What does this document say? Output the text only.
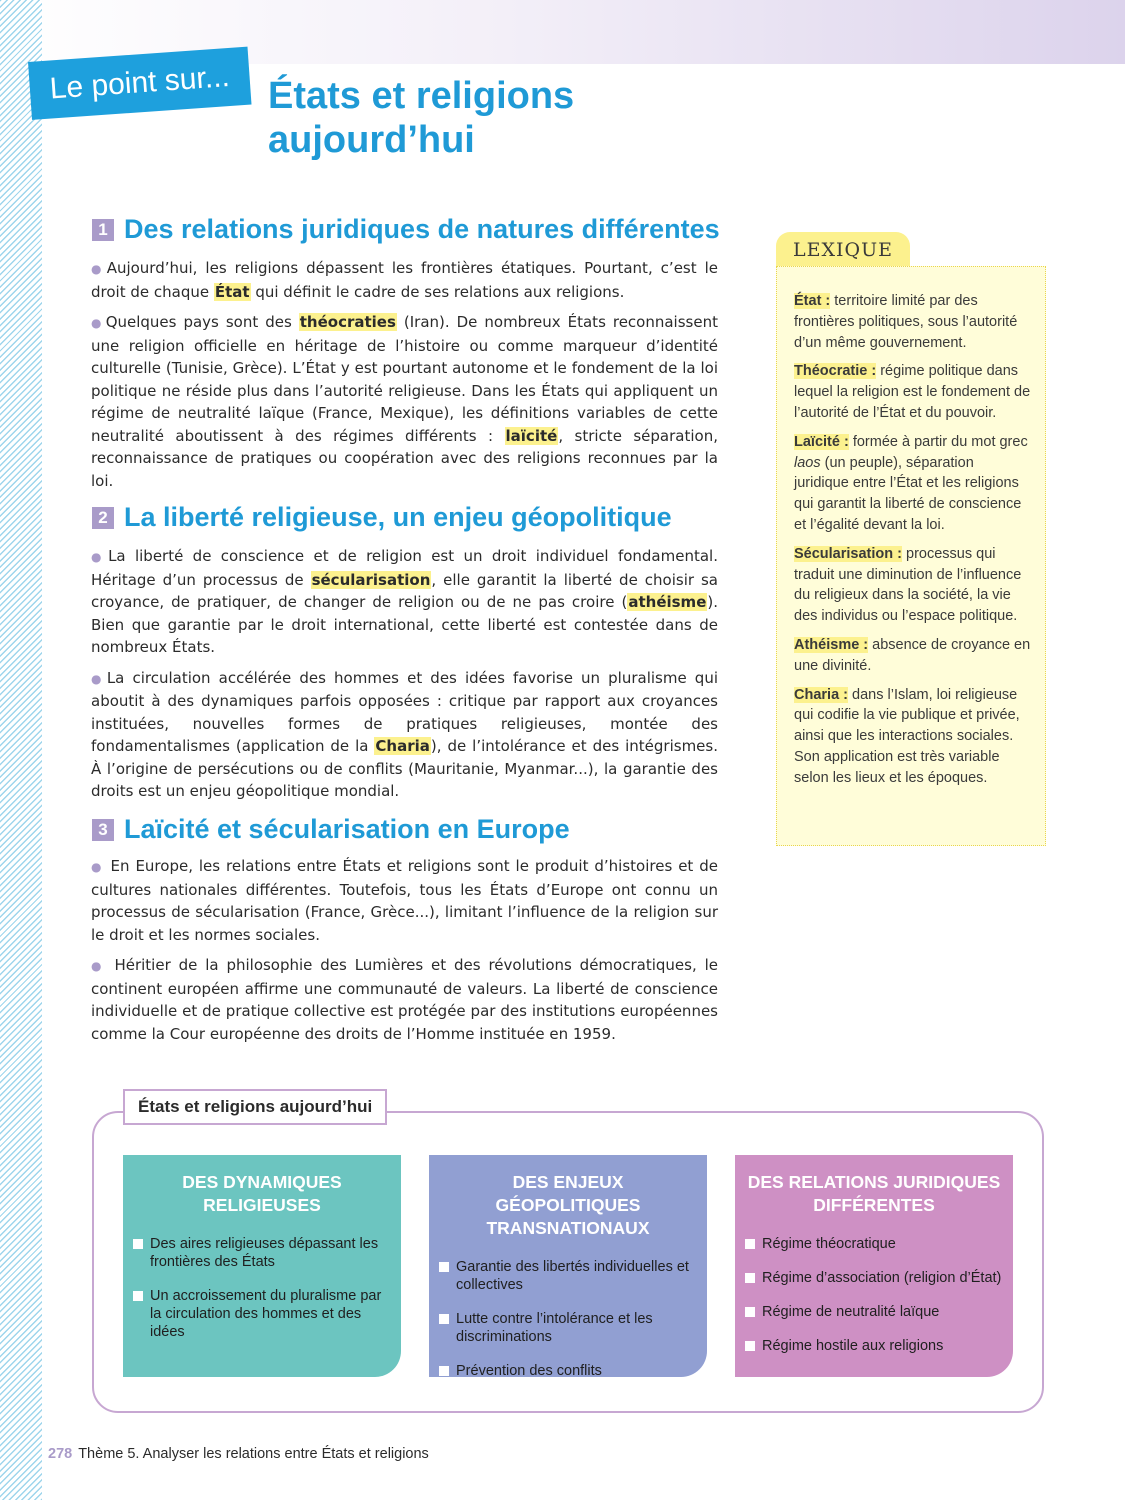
Le point sur... États et religions
aujourd’hui
1 Des relations juridiques de natures différentes

● Aujourd’hui, les religions dépassent les frontières étatiques. Pourtant, c’est le droit de chaque État qui définit le cadre de ses relations aux religions.

● Quelques pays sont des théocraties (Iran). De nombreux États reconnaissent une religion officielle en héritage de l’histoire ou comme marqueur d’identité culturelle (Tunisie, Grèce). L’État y est pourtant autonome et le fondement de la loi politique ne réside plus dans l’autorité religieuse. Dans les États qui appliquent un régime de neutralité laïque (France, Mexique), les définitions variables de cette neutralité aboutissent à des régimes différents : laïcité, stricte séparation, reconnaissance de pratiques ou coopération avec des religions reconnues par la loi.

2 La liberté religieuse, un enjeu géopolitique

● La liberté de conscience et de religion est un droit individuel fondamental. Héritage d’un processus de sécularisation, elle garantit la liberté de choisir sa croyance, de pratiquer, de changer de religion ou de ne pas croire (athéisme). Bien que garantie par le droit international, cette liberté est contestée dans de nombreux États.

● La circulation accélérée des hommes et des idées favorise un pluralisme qui aboutit à des dynamiques parfois opposées : critique par rapport aux croyances instituées, nouvelles formes de pratiques religieuses, montée des fondamentalismes (application de la Charia), de l’intolérance et des intégrismes. À l’origine de persécutions ou de conflits (Mauritanie, Myanmar...), la garantie des droits est un enjeu géopolitique mondial.

3 Laïcité et sécularisation en Europe

● En Europe, les relations entre États et religions sont le produit d’histoires et de cultures nationales différentes. Toutefois, tous les États d’Europe ont connu un processus de sécularisation (France, Grèce...), limitant l’influence de la religion sur le droit et les normes sociales.

● Héritier de la philosophie des Lumières et des révolutions démocratiques, le continent européen affirme une communauté de valeurs. La liberté de conscience individuelle et de pratique collective est protégée par des institutions européennes comme la Cour européenne des droits de l’Homme instituée en 1959.

LEXIQUE

État : territoire limité par des frontières politiques, sous l’autorité d’un même gouvernement.

Théocratie : régime politique dans lequel la religion est le fondement de l’autorité de l’État et du pouvoir.

Laïcité : formée à partir du mot grec laos (un peuple), séparation juridique entre l’État et les religions qui garantit la liberté de conscience et l’égalité devant la loi.

Sécularisation : processus qui traduit une diminution de l’influence du religieux dans la société, la vie des individus ou l’espace politique.

Athéisme : absence de croyance en une divinité.

Charia : dans l’Islam, loi religieuse qui codifie la vie publique et privée, ainsi que les interactions sociales. Son application est très variable selon les lieux et les époques.

États et religions aujourd’hui

DES DYNAMIQUES RELIGIEUSES

Des aires religieuses dépassant les frontières des États
Un accroissement du pluralisme par la circulation des hommes et des idées

DES ENJEUX GÉOPOLITIQUES TRANSNATIONAUX

Garantie des libertés individuelles et collectives
Lutte contre l’intolérance et les discriminations
Prévention des conflits

DES RELATIONS JURIDIQUES DIFFÉRENTES

Régime théocratique
Régime d’association (religion d’État)
Régime de neutralité laïque
Régime hostile aux religions
278 Thème 5. Analyser les relations entre États et religions
